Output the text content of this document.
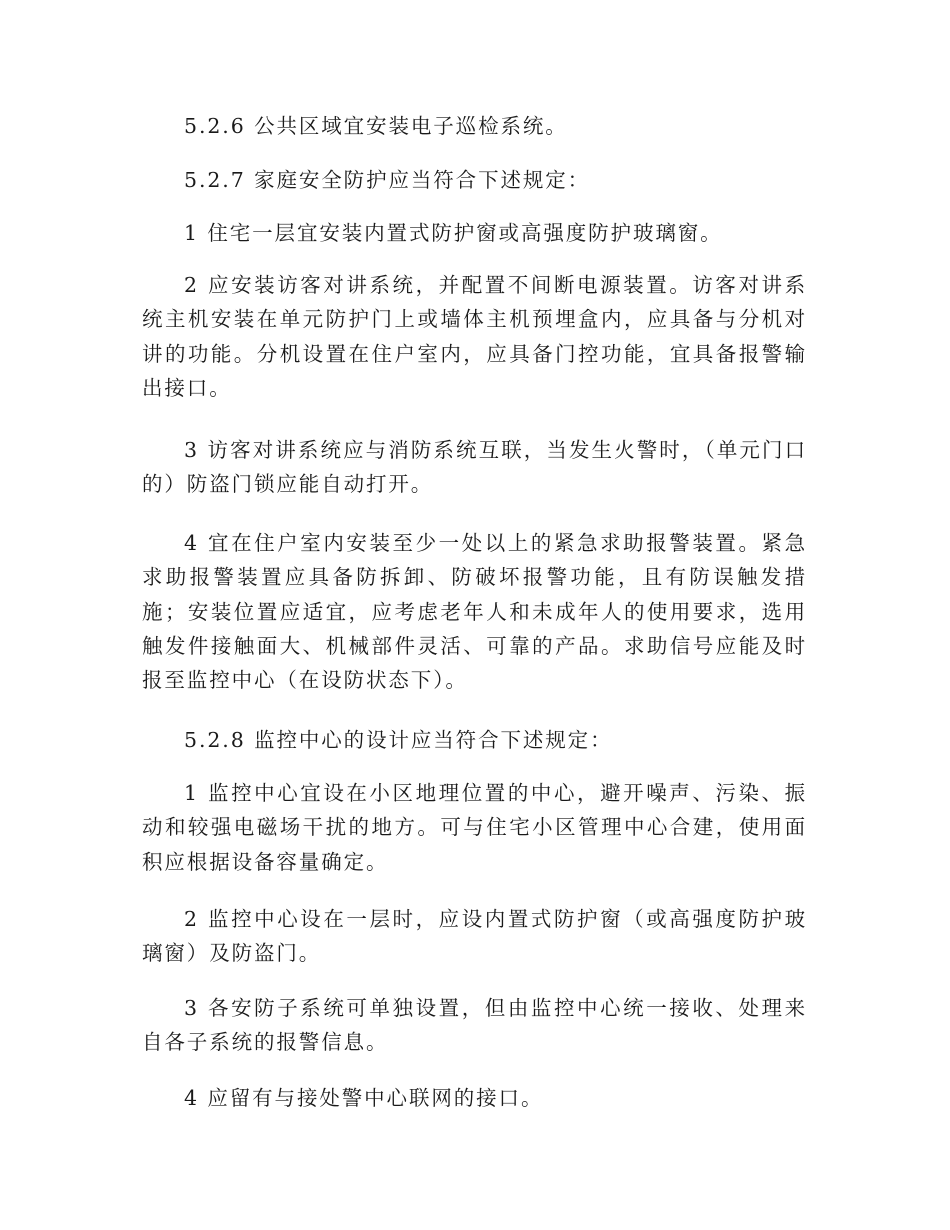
5.2.6 公共区域宜安装电子巡检系统。

5.2.7 家庭安全防护应当符合下述规定：

1 住宅一层宜安装内置式防护窗或高强度防护玻璃窗。

2 应安装访客对讲系统，并配置不间断电源装置。访客对讲系统主机安装在单元防护门上或墙体主机预埋盒内，应具备与分机对讲的功能。分机设置在住户室内，应具备门控功能，宜具备报警输出接口。

3 访客对讲系统应与消防系统互联，当发生火警时，（单元门口的）防盗门锁应能自动打开。

4 宜在住户室内安装至少一处以上的紧急求助报警装置。紧急求助报警装置应具备防拆卸、防破坏报警功能，且有防误触发措施；安装位置应适宜，应考虑老年人和未成年人的使用要求，选用触发件接触面大、机械部件灵活、可靠的产品。求助信号应能及时报至监控中心（在设防状态下）。

5.2.8 监控中心的设计应当符合下述规定：

1 监控中心宜设在小区地理位置的中心，避开噪声、污染、振动和较强电磁场干扰的地方。可与住宅小区管理中心合建，使用面积应根据设备容量确定。

2 监控中心设在一层时，应设内置式防护窗（或高强度防护玻璃窗）及防盗门。

3 各安防子系统可单独设置，但由监控中心统一接收、处理来自各子系统的报警信息。

4 应留有与接处警中心联网的接口。
